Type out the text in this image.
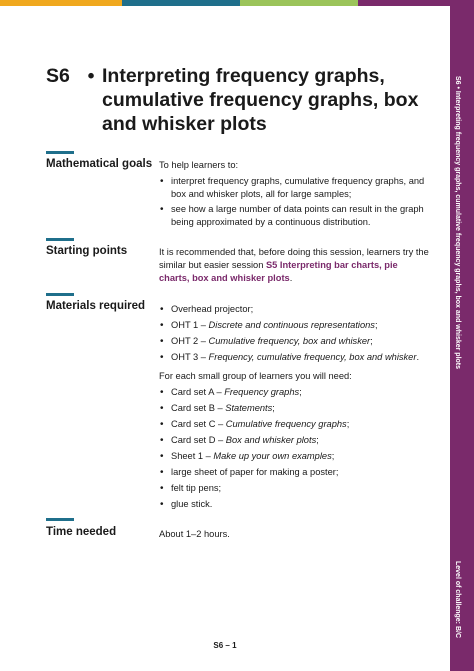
S6 • Interpreting frequency graphs, cumulative frequency graphs, box and whisker plots
Level of challenge: B/C
S6 • Interpreting frequency graphs,
cumulative frequency graphs, box
and whisker plots
Mathematical goals To help learners to:

• interpret frequency graphs, cumulative frequency graphs, and box and whisker plots, all for large samples;
• see how a large number of data points can result in the graph being approximated by a continuous distribution.
Starting points	It is recommended that, before doing this session, learners try the similar but easier session S5 Interpreting bar charts, pie charts, box and whisker plots.

Materials required
•	Overhead projector;
• OHT 1 – Discrete and continuous representations;
• OHT 2 – Cumulative frequency, box and whisker;
• OHT 3 – Frequency, cumulative frequency, box and whisker.

For each small group of learners you will need:

• Card set A – Frequency graphs;
• Card set B – Statements;
• Card set C – Cumulative frequency graphs;
• Card set D – Box and whisker plots;
• Sheet 1 – Make up your own examples;
• large sheet of paper for making a poster;
• felt tip pens;
• glue stick.
Time needed	About 1–2 hours.

S6 – 1
